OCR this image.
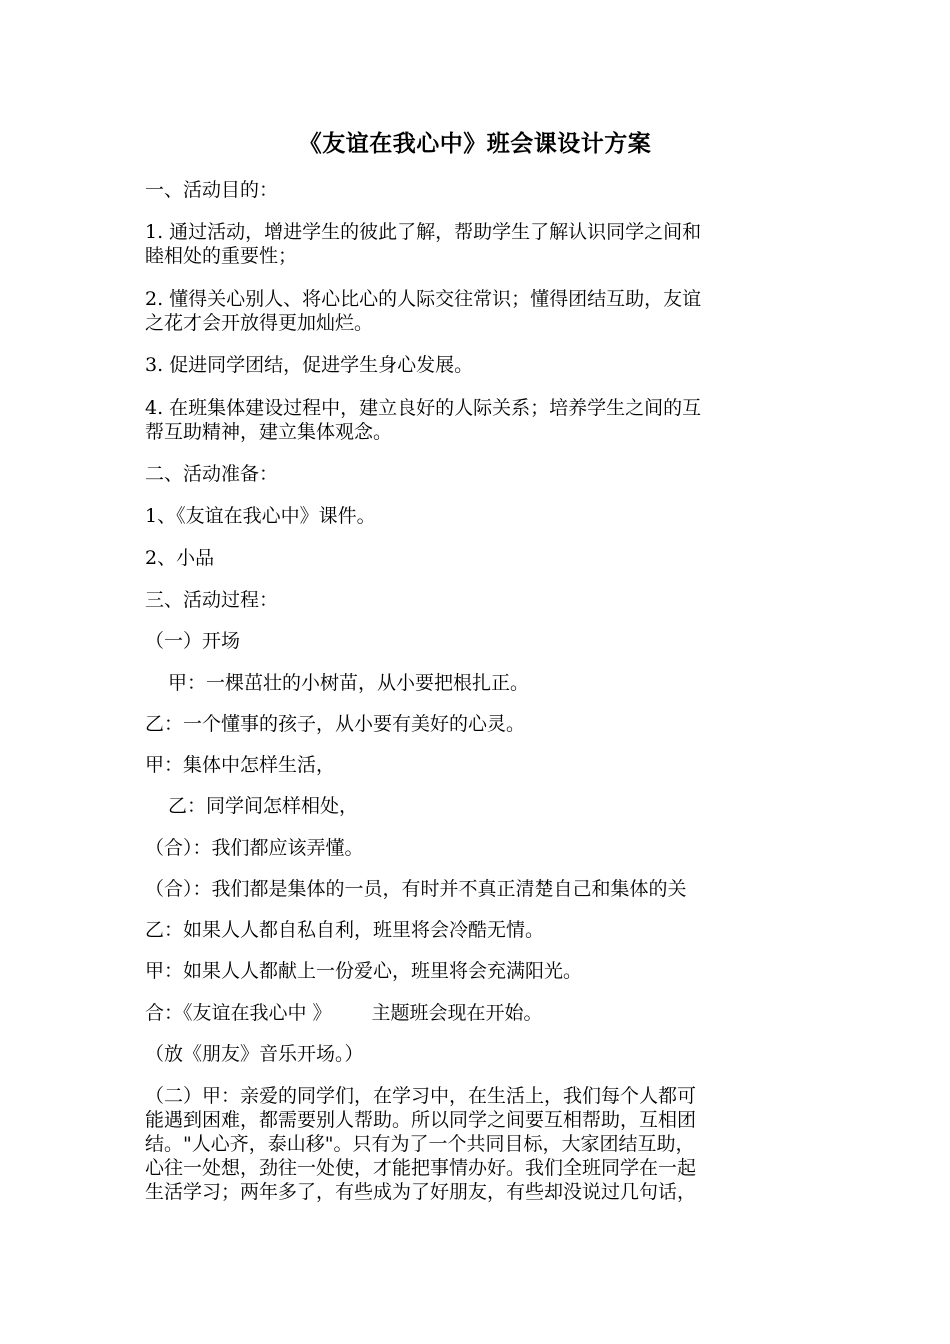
《友谊在我心中》班会课设计方案
一、活动目的：
1. 通过活动，增进学生的彼此了解，帮助学生了解认识同学之间和
睦相处的重要性；
2. 懂得关心别人、将心比心的人际交往常识；懂得团结互助，友谊
之花才会开放得更加灿烂。
3. 促进同学团结，促进学生身心发展。
4. 在班集体建设过程中，建立良好的人际关系；培养学生之间的互
帮互助精神，建立集体观念。
二、活动准备：
1、《友谊在我心中》课件。
2、小品
三、活动过程：
（一）开场
甲：一棵茁壮的小树苗，从小要把根扎正。
乙：一个懂事的孩子，从小要有美好的心灵。
甲：集体中怎样生活，
乙：同学间怎样相处，
（合）：我们都应该弄懂。
（合）：我们都是集体的一员，有时并不真正清楚自己和集体的关
乙：如果人人都自私自利，班里将会冷酷无情。
甲：如果人人都献上一份爱心，班里将会充满阳光。
合：《友谊在我心中 》 主题班会现在开始。
（放《朋友》音乐开场。）
（二）甲：亲爱的同学们，在学习中，在生活上，我们每个人都可
能遇到困难，都需要别人帮助。所以同学之间要互相帮助，互相团
结。"人心齐，泰山移"。只有为了一个共同目标，大家团结互助，
心往一处想，劲往一处使，才能把事情办好。我们全班同学在一起
生活学习；两年多了，有些成为了好朋友，有些却没说过几句话，
